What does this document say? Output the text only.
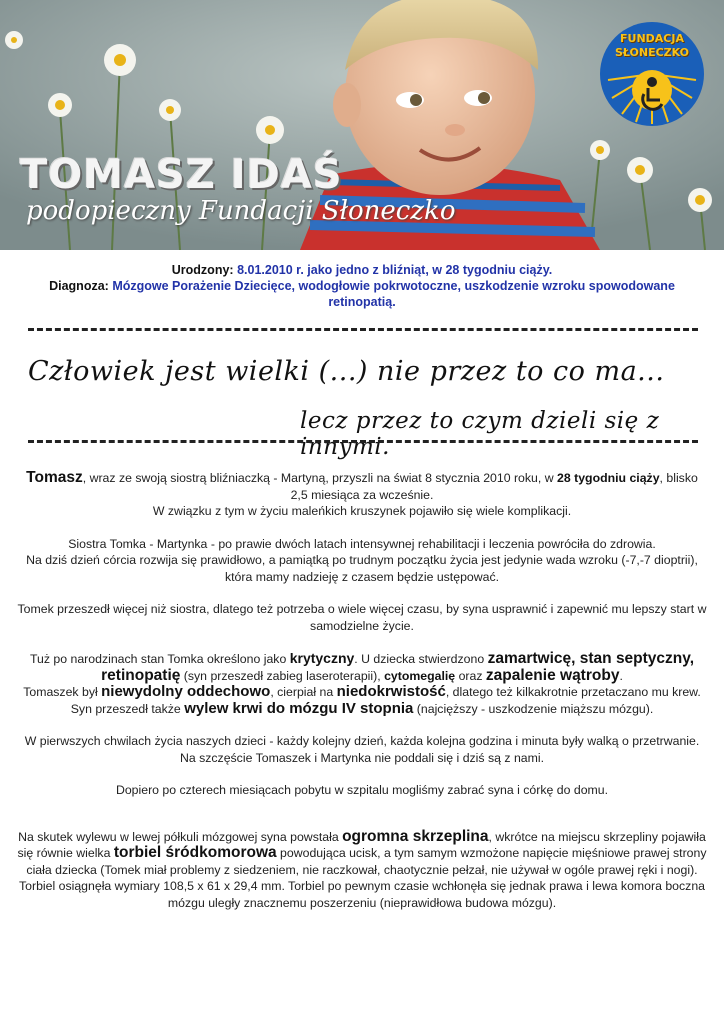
TOMASZ IDAŚ
podopieczny Fundacji Słoneczko
FUNDACJA
SŁONECZKO
Urodzony: 8.01.2010 r. jako jedno z bliźniąt, w 28 tygodniu ciąży.
Diagnoza: Mózgowe Porażenie Dziecięce, wodogłowie pokrwotoczne, uszkodzenie wzroku spowodowane retinopatią.
Człowiek jest wielki (...) nie przez to co ma...
lecz przez to czym dzieli się z innymi.

Tomasz, wraz ze swoją siostrą bliźniaczką - Martyną, przyszli na świat 8 stycznia 2010 roku, w 28 tygodniu ciąży, blisko 2,5 miesiąca za wcześnie.

W związku z tym w życiu maleńkich kruszynek pojawiło się wiele komplikacji.

Siostra Tomka - Martynka - po prawie dwóch latach intensywnej rehabilitacji i leczenia powróciła do zdrowia.

Na dziś dzień córcia rozwija się prawidłowo, a pamiątką po trudnym początku życia jest jedynie wada wzroku (-7,-7 dioptrii), która mamy nadzieję z czasem będzie ustępować.

Tomek przeszedł więcej niż siostra, dlatego też potrzeba o wiele więcej czasu, by syna usprawnić i zapewnić mu lepszy start w samodzielne życie.

Tuż po narodzinach stan Tomka określono jako krytyczny. U dziecka stwierdzono zamartwicę, stan septyczny, retinopatię (syn przeszedł zabieg laseroterapii), cytomegalię oraz zapalenie wątroby.

Tomaszek był niewydolny oddechowo, cierpiał na niedokrwistość, dlatego też kilkakrotnie przetaczano mu krew.

Syn przeszedł także wylew krwi do mózgu IV stopnia (najcięższy - uszkodzenie miąższu mózgu).

W pierwszych chwilach życia naszych dzieci - każdy kolejny dzień, każda kolejna godzina i minuta były walką o przetrwanie. Na szczęście Tomaszek i Martynka nie poddali się i dziś są z nami.

Dopiero po czterech miesiącach pobytu w szpitalu mogliśmy zabrać syna i córkę do domu.

Na skutek wylewu w lewej półkuli mózgowej syna powstała ogromna skrzeplina, wkrótce na miejscu skrzepliny pojawiła się równie wielka torbiel śródkomorowa powodująca ucisk, a tym samym wzmożone napięcie mięśniowe prawej strony ciała dziecka (Tomek miał problemy z siedzeniem, nie raczkował, chaotycznie pełzał, nie używał w ogóle prawej ręki i nogi). Torbiel osiągnęła wymiary 108,5 x 61 x 29,4 mm. Torbiel po pewnym czasie wchłonęła się jednak prawa i lewa komora boczna mózgu uległy znacznemu poszerzeniu (nieprawidłowa budowa mózgu).
